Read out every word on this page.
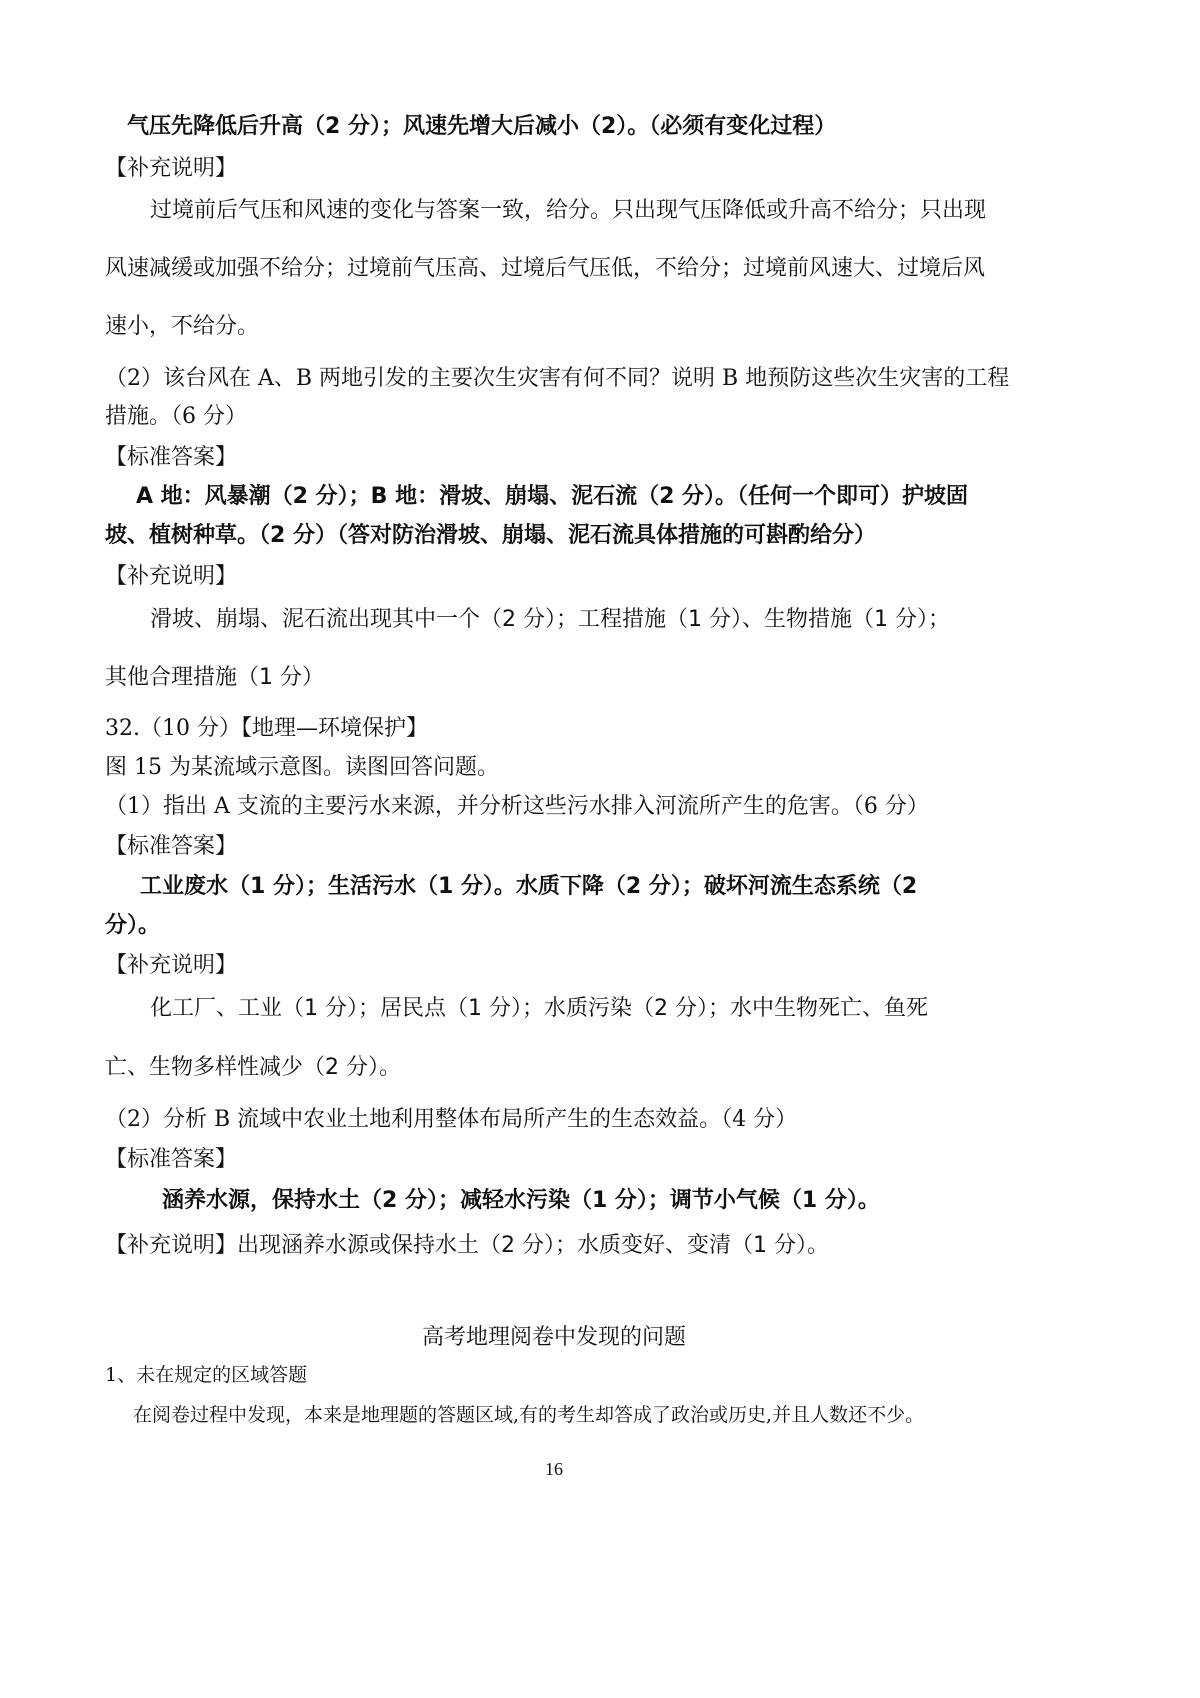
气压先降低后升高（2 分）；风速先增大后减小（2）。（必须有变化过程）
【补充说明】
过境前后气压和风速的变化与答案一致，给分。只出现气压降低或升高不给分；只出现
风速减缓或加强不给分；过境前气压高、过境后气压低，不给分；过境前风速大、过境后风
速小，不给分。
（2）该台风在 A、B 两地引发的主要次生灾害有何不同？说明 B 地预防这些次生灾害的工程
措施。（6 分）
【标准答案】
A 地：风暴潮（2 分）；B 地：滑坡、崩塌、泥石流（2 分）。（任何一个即可）护坡固
坡、植树种草。（2 分）（答对防治滑坡、崩塌、泥石流具体措施的可斟酌给分）
【补充说明】
滑坡、崩塌、泥石流出现其中一个（2 分）；工程措施（1 分）、生物措施（1 分）；
其他合理措施（1 分）
32.（10 分）【地理—环境保护】
图 15 为某流域示意图。读图回答问题。
（1）指出 A 支流的主要污水来源，并分析这些污水排入河流所产生的危害。（6 分）
【标准答案】
工业废水（1 分）；生活污水（1 分）。水质下降（2 分）；破坏河流生态系统（2
分）。
【补充说明】
化工厂、工业（1 分）；居民点（1 分）；水质污染（2 分）；水中生物死亡、鱼死
亡、生物多样性减少（2 分）。
（2）分析 B 流域中农业土地利用整体布局所产生的生态效益。（4 分）
【标准答案】
涵养水源，保持水土（2 分）；减轻水污染（1 分）；调节小气候（1 分）。
【补充说明】出现涵养水源或保持水土（2 分）；水质变好、变清（1 分）。
高考地理阅卷中发现的问题
1、未在规定的区域答题
在阅卷过程中发现，本来是地理题的答题区域,有的考生却答成了政治或历史,并且人数还不少。
16
